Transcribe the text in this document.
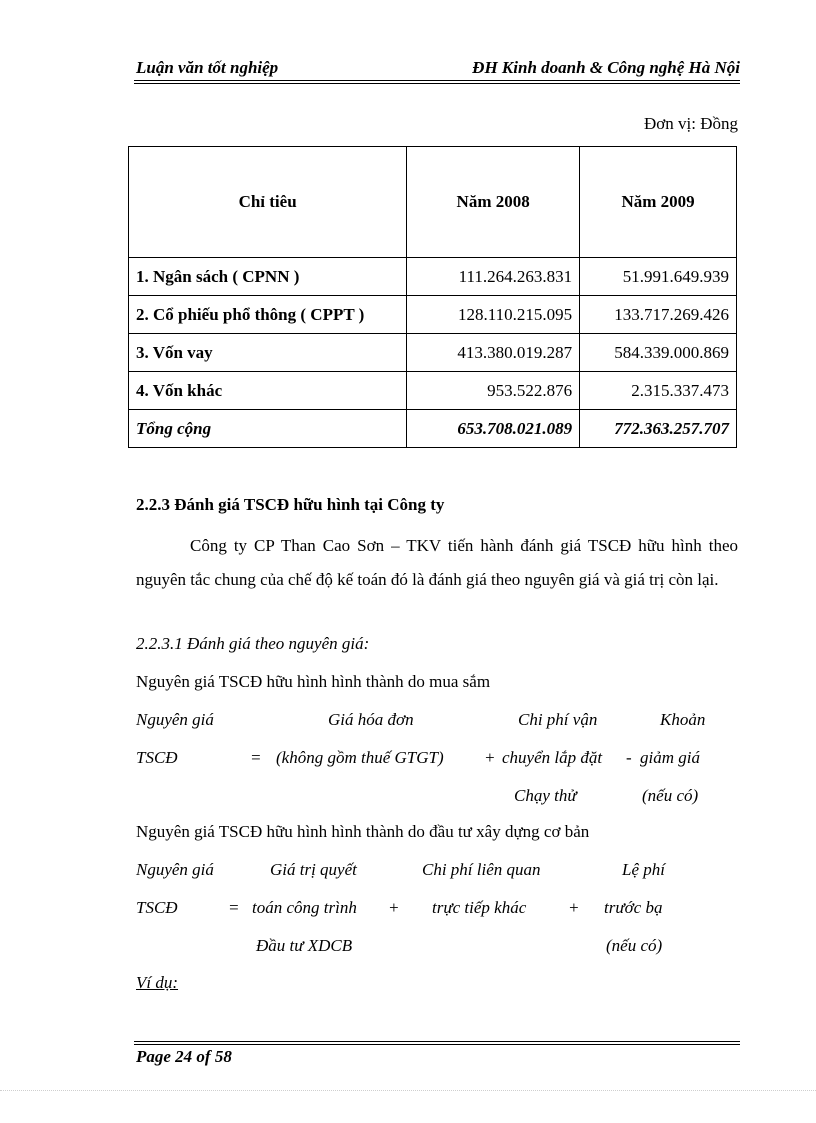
Luận văn tốt nghiệp	ĐH Kinh doanh & Công nghệ Hà Nội
Đơn vị: Đồng
Chỉ tiêu	Năm 2008	Năm 2009
1. Ngân sách ( CPNN )	111.264.263.831	51.991.649.939
2. Cổ phiếu phổ thông ( CPPT )	128.110.215.095	133.717.269.426
3. Vốn vay	413.380.019.287	584.339.000.869
4. Vốn khác	953.522.876	2.315.337.473
Tổng cộng	653.708.021.089	772.363.257.707
2.2.3 Đánh giá TSCĐ hữu hình tại Công ty

Công ty CP Than Cao Sơn – TKV tiến hành đánh giá TSCĐ hữu hình theo nguyên tắc chung của chế độ kế toán đó là đánh giá theo nguyên giá và giá trị còn lại.

2.2.3.1 Đánh giá theo nguyên giá:
Nguyên giá TSCĐ hữu hình hình thành do mua sắm
Nguyên giá	Giá hóa đơn	Chi phí vận	Khoản
TSCĐ	= (không gồm thuế GTGT) + chuyển lắp đặt - giảm giá
Chạy thử	(nếu có)
Nguyên giá TSCĐ hữu hình hình thành do đầu tư xây dựng cơ bản
Nguyên giá	Giá trị quyết	Chi phí liên quan	Lệ phí
TSCĐ	= toán công trình + trực tiếp khác + trước bạ
Đầu tư XDCB	(nếu có)
Ví dụ:
Page 24 of 58
